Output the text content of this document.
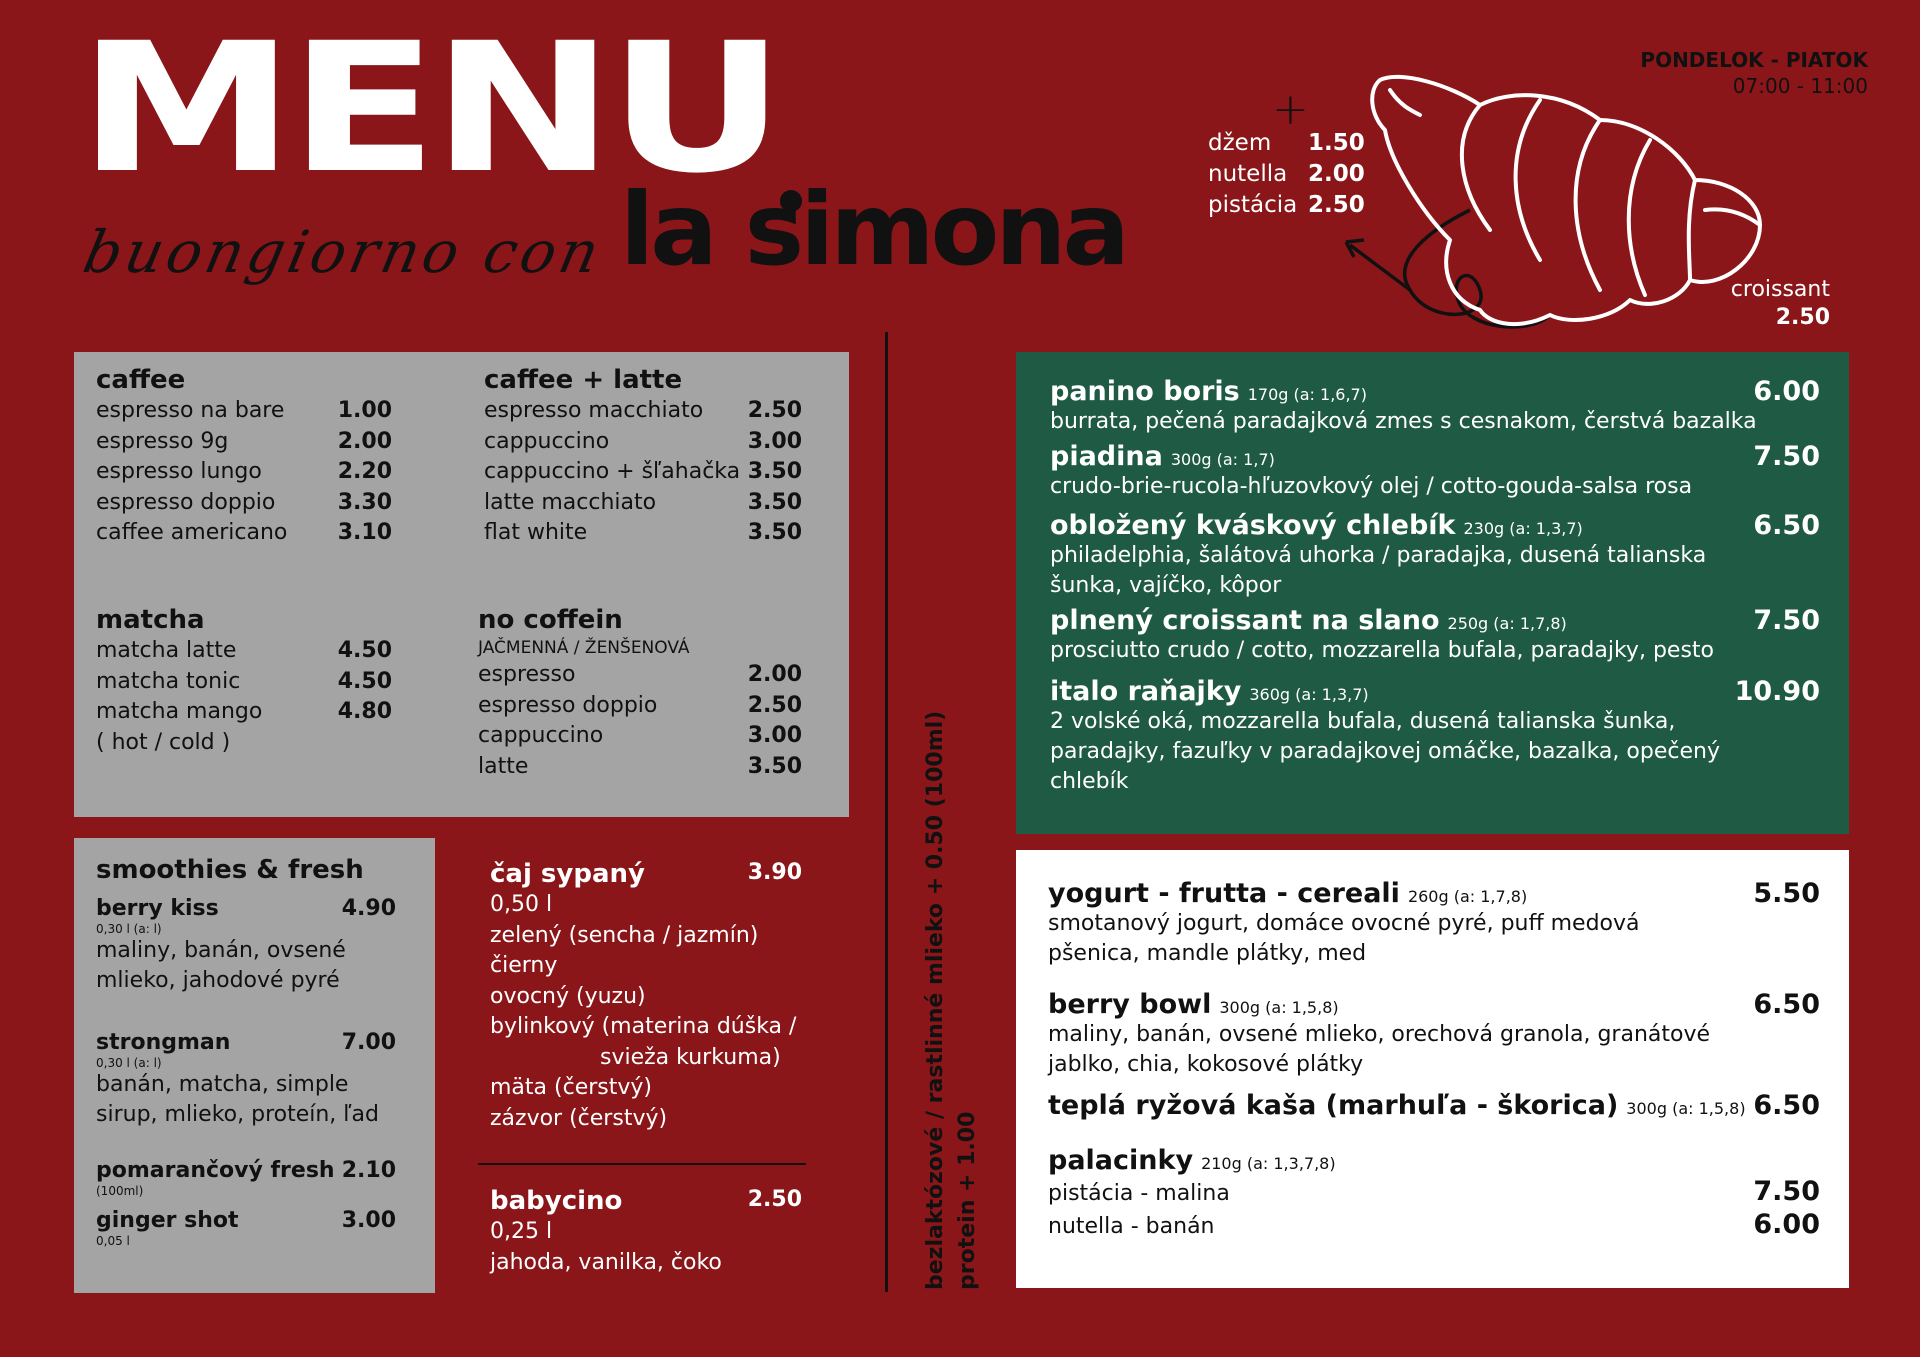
MENU
buongiorno con la simona
PONDELOK - PIATOK
07:00 - 11:00
+
džem	1.50
nutella 2.00
pistácia 2.50
croissant
2.50
caffee
espresso na bare 1.00
espresso 9g	2.00
espresso lungo	2.20
espresso doppio	3.30
caffee americano 3.10
caffee + latte
espresso macchiato 2.50
cappuccino	3.00
cappuccino + šľahačka 3.50
latte macchiato	3.50
flat white	3.50
matcha
matcha latte	4.50
matcha tonic	4.50
matcha mango	4.80
( hot / cold )
no coffein
JAČMENNÁ / ŽENŠENOVÁ
espresso	2.00
espresso doppio	2.50
cappuccino	3.00
latte	3.50
smoothies & fresh
berry kiss	4.90
0,30 l (a: l)
maliny, banán, ovsené mlieko, jahodové pyré
strongman	7.00
0,30 l (a: l)
banán, matcha, simple sirup, mlieko, proteín, ľad
pomarančový fresh 2.10
(100ml)
ginger shot	3.00
0,05 l
čaj sypaný	3.90
0,50 l
zelený (sencha / jazmín)
čierny
ovocný (yuzu)
bylinkový (materina dúška /
svieža kurkuma)
mäta (čerstvý)
zázvor (čerstvý)
babycino	2.50
0,25 l
jahoda, vanilka, čoko	bezlaktózové / rastlinné mlieko + 0.50 (100ml) protein + 1.00
panino boris 170g (a: 1,6,7)	6.00
burrata, pečená paradajková zmes s cesnakom, čerstvá bazalka
piadina 300g (a: 1,7)	7.50
crudo-brie-rucola-hľuzovkový olej / cotto-gouda-salsa rosa
obložený kváskový chlebík 230g (a: 1,3,7)	6.50
philadelphia, šalátová uhorka / paradajka, dusená talianska šunka, vajíčko, kôpor
plnený croissant na slano 250g (a: 1,7,8)	7.50
prosciutto crudo / cotto, mozzarella bufala, paradajky, pesto
italo raňajky 360g (a: 1,3,7)	10.90
2 volské oká, mozzarella bufala, dusená talianska šunka, paradajky, fazuľky v paradajkovej omáčke, bazalka, opečený chlebík
yogurt - frutta - cereali 260g (a: 1,7,8)	5.50
smotanový jogurt, domáce ovocné pyré, puff medová pšenica, mandle plátky, med
berry bowl 300g (a: 1,5,8)	6.50
maliny, banán, ovsené mlieko, orechová granola, granátové jablko, chia, kokosové plátky
teplá ryžová kaša (marhuľa - škorica) 300g (a: 1,5,8) 6.50
palacinky 210g (a: 1,3,7,8)
pistácia - malina	7.50
nutella - banán	6.00
